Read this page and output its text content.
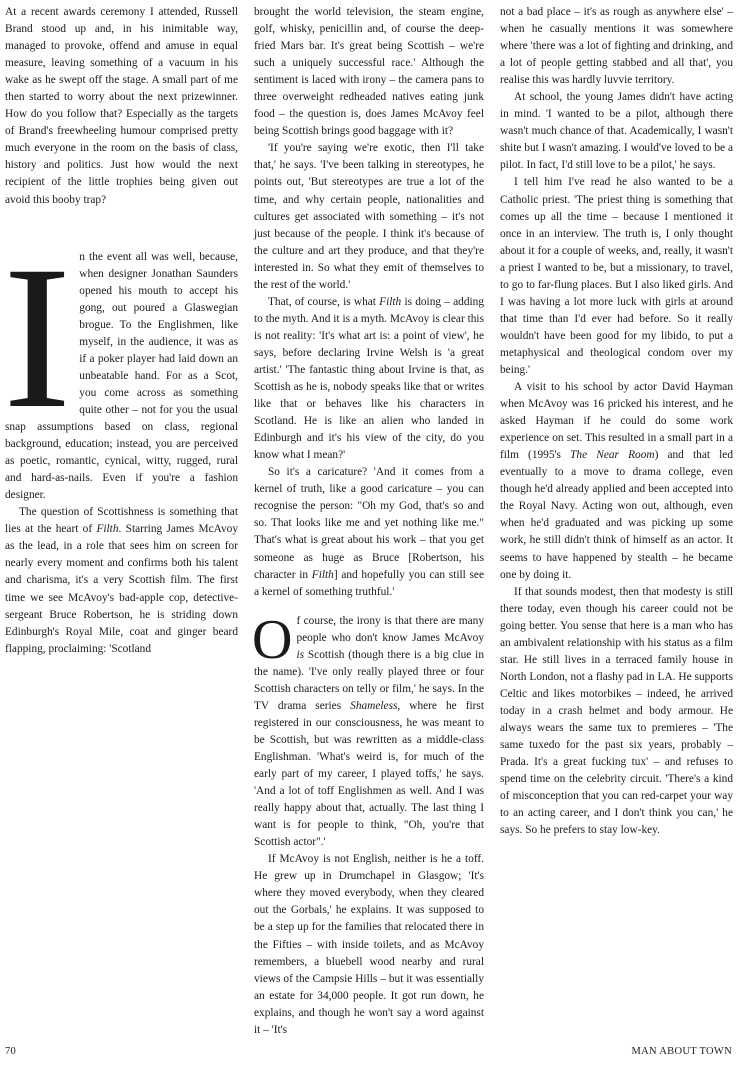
At a recent awards ceremony I attended, Russell Brand stood up and, in his inimitable way, managed to provoke, offend and amuse in equal measure, leaving something of a vacuum in his wake as he swept off the stage. A small part of me then started to worry about the next prizewinner. How do you follow that? Especially as the targets of Brand's freewheeling humour comprised pretty much everyone in the room on the basis of class, history and politics. Just how would the next recipient of the little trophies being given out avoid this booby trap?

In the event all was well, because, when designer Jonathan Saunders opened his mouth to accept his gong, out poured a Glaswegian brogue. To the Englishmen, like myself, in the audience, it was as if a poker player had laid down an unbeatable hand. For as a Scot, you come across as something quite other – not for you the usual snap assumptions based on class, regional background, education; instead, you are perceived as poetic, romantic, cynical, witty, rugged, rural and hard-as-nails. Even if you're a fashion designer.

The question of Scottishness is something that lies at the heart of Filth. Starring James McAvoy as the lead, in a role that sees him on screen for nearly every moment and confirms both his talent and charisma, it's a very Scottish film. The first time we see McAvoy's bad-apple cop, detective-sergeant Bruce Robertson, he is striding down Edinburgh's Royal Mile, coat and ginger beard flapping, proclaiming: 'Scotland

brought the world television, the steam engine, golf, whisky, penicillin and, of course the deep-fried Mars bar. It's great being Scottish – we're such a uniquely successful race.' Although the sentiment is laced with irony – the camera pans to three overweight redheaded natives eating junk food – the question is, does James McAvoy feel being Scottish brings good baggage with it?

'If you're saying we're exotic, then I'll take that,' he says. 'I've been talking in stereotypes, he points out, 'But stereotypes are true a lot of the time, and why certain people, nationalities and cultures get associated with something – it's not just because of the people. I think it's because of the culture and art they produce, and that they're interested in. So what they emit of themselves to the rest of the world.'

That, of course, is what Filth is doing – adding to the myth. And it is a myth. McAvoy is clear this is not reality: 'It's what art is: a point of view', he says, before declaring Irvine Welsh is 'a great artist.' 'The fantastic thing about Irvine is that, as Scottish as he is, nobody speaks like that or writes like that or behaves like his characters in Scotland. He is like an alien who landed in Edinburgh and it's his view of the city, do you know what I mean?'

So it's a caricature? 'And it comes from a kernel of truth, like a good caricature – you can recognise the person: "Oh my God, that's so and so. That looks like me and yet nothing like me." That's what is great about his work – that you get someone as huge as Bruce [Robertson, his character in Filth] and hopefully you can still see a kernel of something truthful.'

Of course, the irony is that there are many people who don't know James McAvoy is Scottish (though there is a big clue in the name). 'I've only really played three or four Scottish characters on telly or film,' he says. In the TV drama series Shameless, where he first registered in our consciousness, he was meant to be Scottish, but was rewritten as a middle-class Englishman. 'What's weird is, for much of the early part of my career, I played toffs,' he says. 'And a lot of toff Englishmen as well. And I was really happy about that, actually. The last thing I want is for people to think, "Oh, you're that Scottish actor".'

If McAvoy is not English, neither is he a toff. He grew up in Drumchapel in Glasgow; 'It's where they moved everybody, when they cleared out the Gorbals,' he explains. It was supposed to be a step up for the families that relocated there in the Fifties – with inside toilets, and as McAvoy remembers, a bluebell wood nearby and rural views of the Campsie Hills – but it was essentially an estate for 34,000 people. It got run down, he explains, and though he won't say a word against it – 'It's

not a bad place – it's as rough as anywhere else' – when he casually mentions it was somewhere where 'there was a lot of fighting and drinking, and a lot of people getting stabbed and all that', you realise this was hardly luvvie territory.

At school, the young James didn't have acting in mind. 'I wanted to be a pilot, although there wasn't much chance of that. Academically, I wasn't shite but I wasn't amazing. I would've loved to be a pilot. In fact, I'd still love to be a pilot,' he says.

I tell him I've read he also wanted to be a Catholic priest. 'The priest thing is something that comes up all the time – because I mentioned it once in an interview. The truth is, I only thought about it for a couple of weeks, and, really, it wasn't a priest I wanted to be, but a missionary, to travel, to go to far-flung places. But I also liked girls. And I was having a lot more luck with girls at around that time than I'd ever had before. So it really wouldn't have been good for my libido, to put a metaphysical and theological condom over my being.'

A visit to his school by actor David Hayman when McAvoy was 16 pricked his interest, and he asked Hayman if he could do some work experience on set. This resulted in a small part in a film (1995's The Near Room) and that led eventually to a move to drama college, even though he'd already applied and been accepted into the Royal Navy. Acting won out, although, even when he'd graduated and was picking up some work, he still didn't think of himself as an actor. It seems to have happened by stealth – he became one by doing it.

If that sounds modest, then that modesty is still there today, even though his career could not be going better. You sense that here is a man who has an ambivalent relationship with his status as a film star. He still lives in a terraced family house in North London, not a flashy pad in LA. He supports Celtic and likes motorbikes – indeed, he arrived today in a crash helmet and body armour. He always wears the same tux to premieres – 'The same tuxedo for the past six years, probably – Prada. It's a great fucking tux' – and refuses to spend time on the celebrity circuit. 'There's a kind of misconception that you can red-carpet your way to an acting career, and I don't think you can,' he says. So he prefers to stay low-key.

70	MAN ABOUT TOWN
